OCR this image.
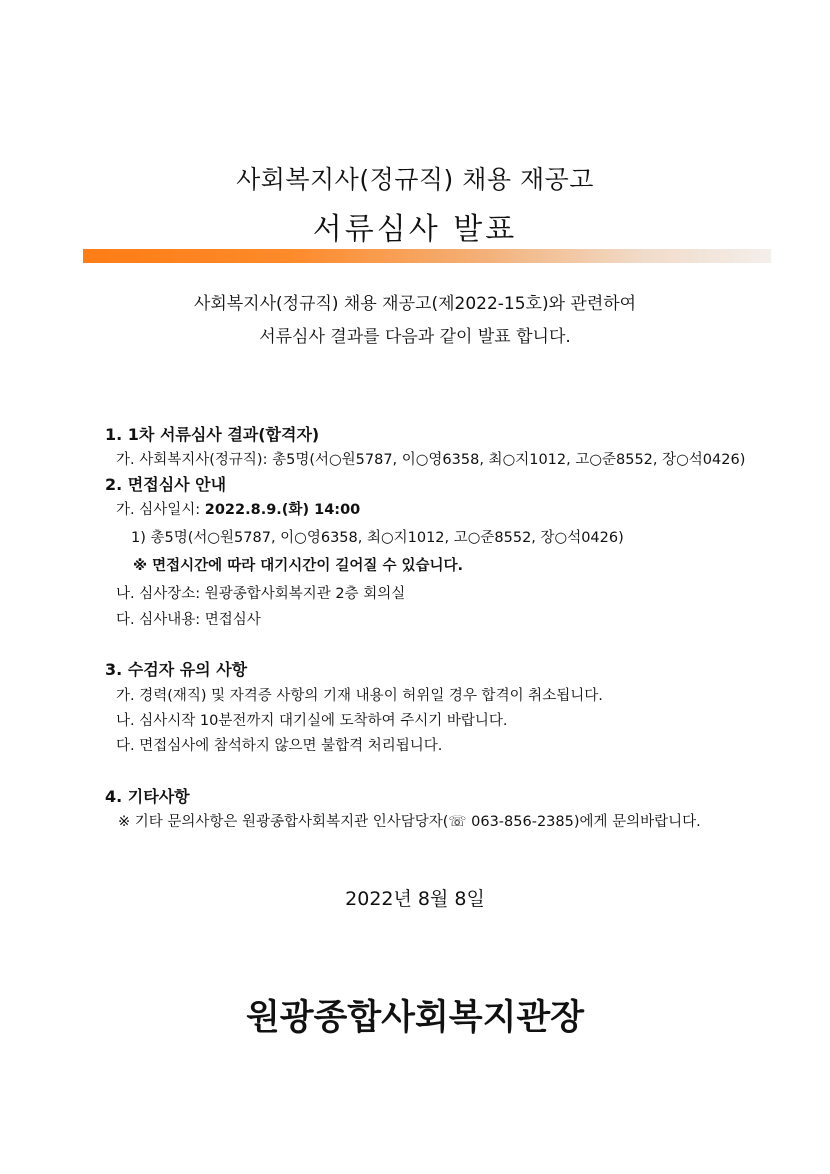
사회복지사(정규직) 채용 재공고
서류심사 발표
사회복지사(정규직) 채용 재공고(제2022-15호)와 관련하여
서류심사 결과를 다음과 같이 발표 합니다.
1. 1차 서류심사 결과(합격자)
가. 사회복지사(정규직): 총5명(서○원5787, 이○영6358, 최○지1012, 고○준8552, 장○석0426)
2. 면접심사 안내
가. 심사일시: 2022.8.9.(화) 14:00
1) 총5명(서○원5787, 이○영6358, 최○지1012, 고○준8552, 장○석0426)
※ 면접시간에 따라 대기시간이 길어질 수 있습니다.
나. 심사장소: 원광종합사회복지관 2층 회의실
다. 심사내용: 면접심사
3. 수검자 유의 사항
가. 경력(재직) 및 자격증 사항의 기재 내용이 허위일 경우 합격이 취소됩니다.
나. 심사시작 10분전까지 대기실에 도착하여 주시기 바랍니다.
다. 면접심사에 참석하지 않으면 불합격 처리됩니다.
4. 기타사항
※ 기타 문의사항은 원광종합사회복지관 인사담당자(☏ 063-856-2385)에게 문의바랍니다.
2022년 8월 8일
원광종합사회복지관장
